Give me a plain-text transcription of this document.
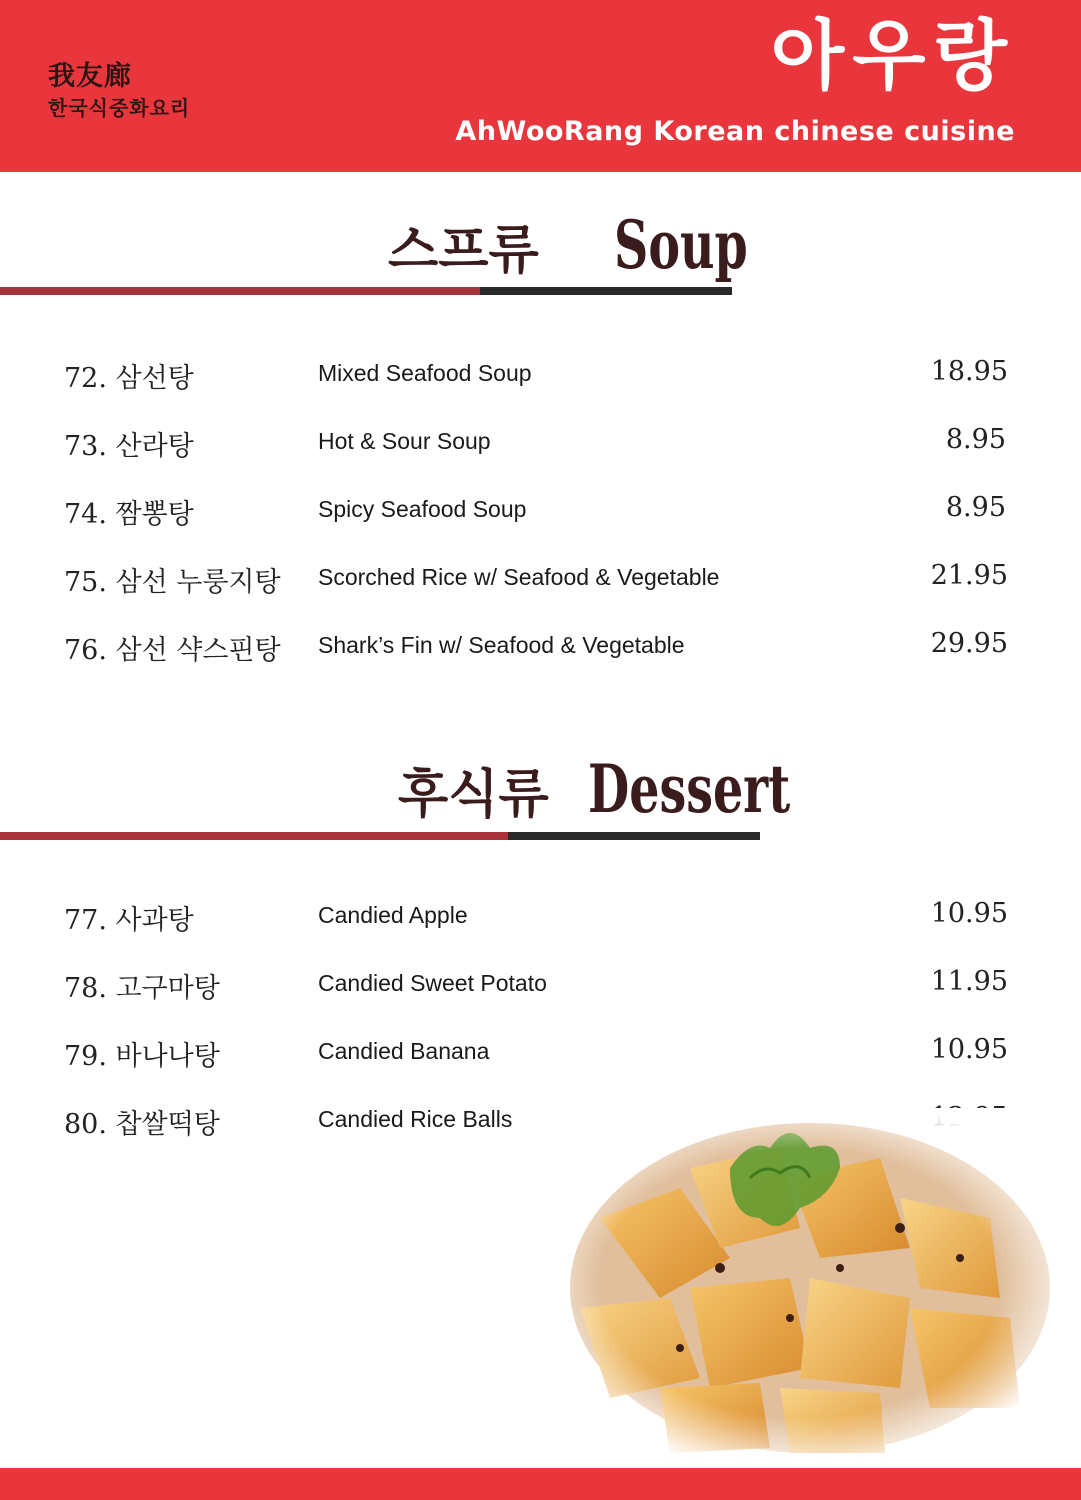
我友廊
한국식중화요리
아우랑
AhWooRang Korean chinese cuisine
스프류 Soup
72. 삼선탕	Mixed Seafood Soup	18.95
73. 산라탕	Hot & Sour Soup	8.95
74. 짬뽕탕	Spicy Seafood Soup	8.95
75. 삼선 누룽지탕 Scorched Rice w/ Seafood & Vegetable	21.95
76. 삼선 샥스핀탕 Shark’s Fin w/ Seafood & Vegetable	29.95
후식류 Dessert
77. 사과탕	Candied Apple	10.95
78. 고구마탕	Candied Sweet Potato	11.95
79. 바나나탕	Candied Banana	10.95
80. 찹쌀떡탕	Candied Rice Balls
